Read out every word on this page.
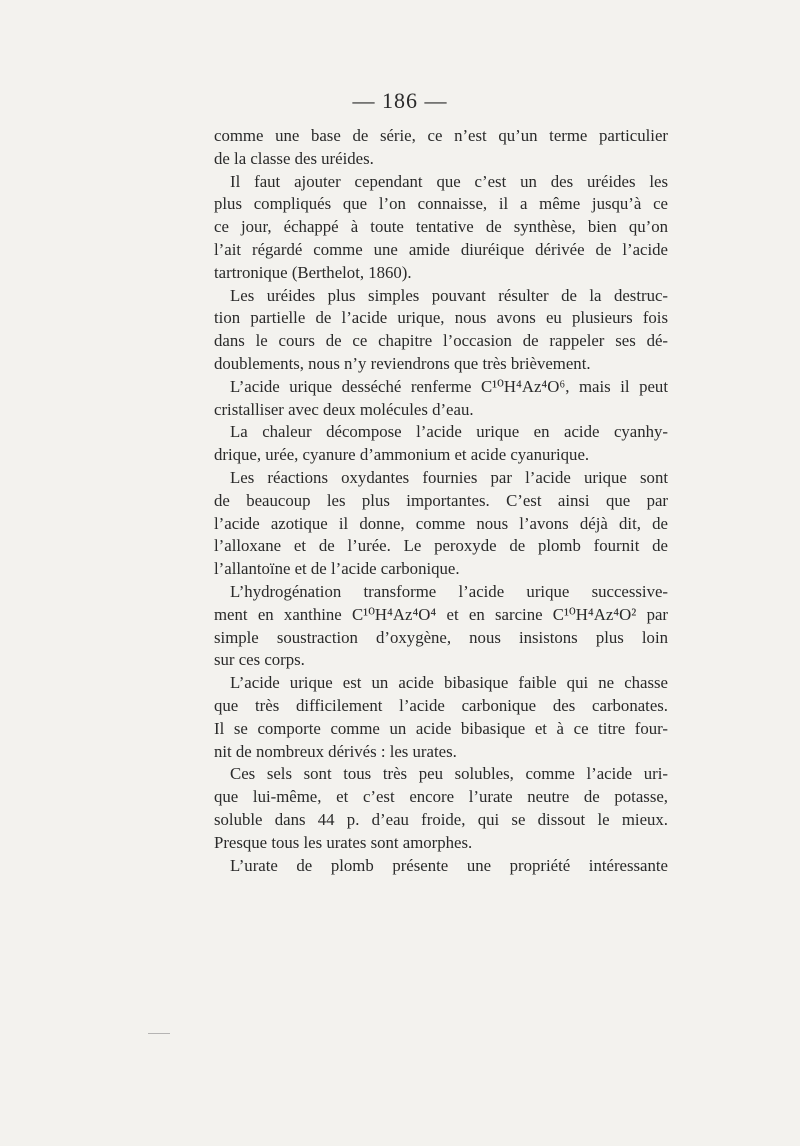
— 186 —
comme une base de série, ce n’est qu’un terme particulier
de la classe des uréides.
Il faut ajouter cependant que c’est un des uréides les
plus compliqués que l’on connaisse, il a même jusqu’à ce
ce jour, échappé à toute tentative de synthèse, bien qu’on
l’ait régardé comme une amide diuréique dérivée de l’acide
tartronique (Berthelot, 1860).
Les uréides plus simples pouvant résulter de la destruc-
tion partielle de l’acide urique, nous avons eu plusieurs fois
dans le cours de ce chapitre l’occasion de rappeler ses dé-
doublements, nous n’y reviendrons que très brièvement.
L’acide urique desséché renferme C¹⁰H⁴Az⁴O⁶, mais il peut
cristalliser avec deux molécules d’eau.
La chaleur décompose l’acide urique en acide cyanhy-
drique, urée, cyanure d’ammonium et acide cyanurique.
Les réactions oxydantes fournies par l’acide urique sont
de beaucoup les plus importantes. C’est ainsi que par
l’acide azotique il donne, comme nous l’avons déjà dit, de
l’alloxane et de l’urée. Le peroxyde de plomb fournit de
l’allantoïne et de l’acide carbonique.
L’hydrogénation transforme l’acide urique successive-
ment en xanthine C¹⁰H⁴Az⁴O⁴ et en sarcine C¹⁰H⁴Az⁴O² par
simple soustraction d’oxygène, nous insistons plus loin
sur ces corps.
L’acide urique est un acide bibasique faible qui ne chasse
que très difficilement l’acide carbonique des carbonates.
Il se comporte comme un acide bibasique et à ce titre four-
nit de nombreux dérivés : les urates.
Ces sels sont tous très peu solubles, comme l’acide uri-
que lui-même, et c’est encore l’urate neutre de potasse,
soluble dans 44 p. d’eau froide, qui se dissout le mieux.
Presque tous les urates sont amorphes.
L’urate de plomb présente une propriété intéressante
